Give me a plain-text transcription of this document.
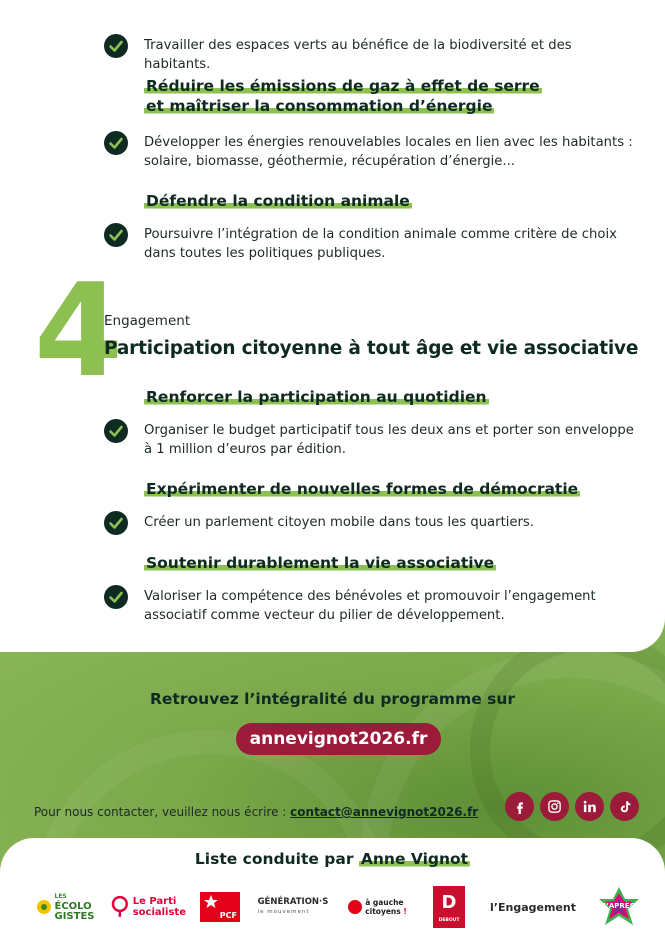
Travailler des espaces verts au bénéfice de la biodiversité et des habitants.
Réduire les émissions de gaz à effet de serre
et maîtriser la consommation d’énergie
Développer les énergies renouvelables locales en lien avec les habitants : solaire, biomasse, géothermie, récupération d’énergie...
Défendre la condition animale
Poursuivre l’intégration de la condition animale comme critère de choix dans toutes les politiques publiques.
4
Engagement
Participation citoyenne à tout âge et vie associative
Renforcer la participation au quotidien
Organiser le budget participatif tous les deux ans et porter son enveloppe à 1 million d’euros par édition.
Expérimenter de nouvelles formes de démocratie
Créer un parlement citoyen mobile dans tous les quartiers.
Soutenir durablement la vie associative
Valoriser la compétence des bénévoles et promouvoir l’engagement associatif comme vecteur du pilier de développement.
Retrouvez l’intégralité du programme sur
annevignot2026.fr
Pour nous contacter, veuillez nous écrire : contact@annevignot2026.fr
Liste conduite par Anne Vignot
LES
ÉCOLO
GISTES
Le Parti
socialiste	PCF
GÉNÉRATION·S
le mouvement
à gauche
citoyens !	D
DEBOUT
l’Engagement	L’APRÈS
